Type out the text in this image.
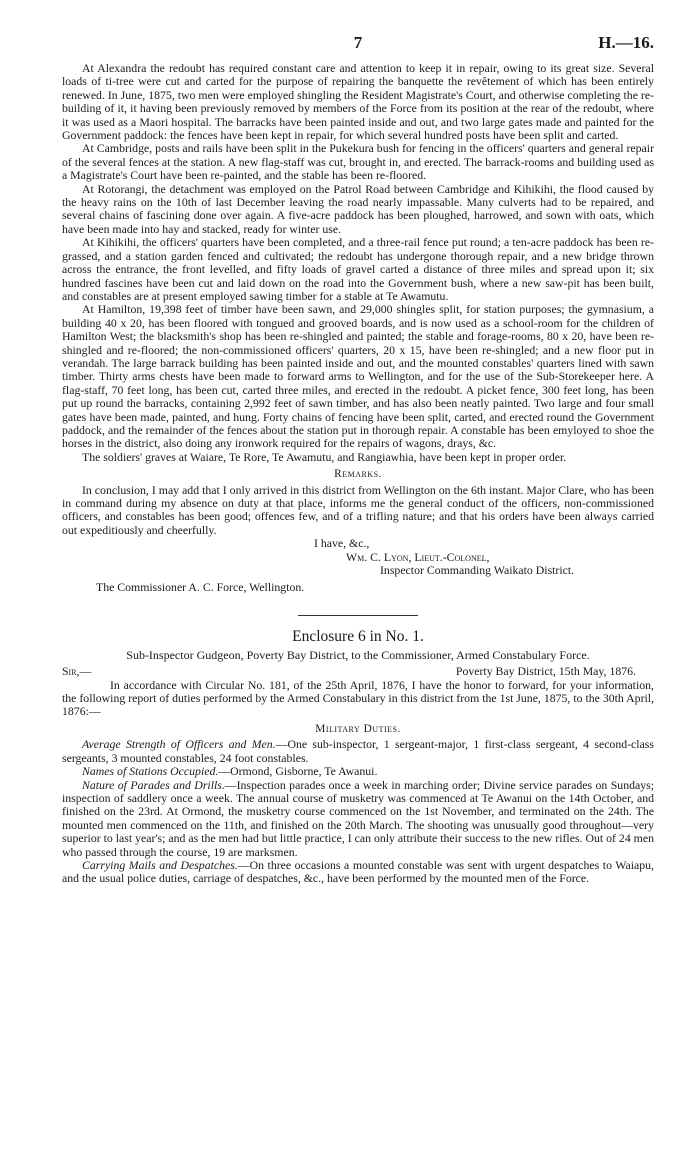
7	H.—16.

At Alexandra the redoubt has required constant care and attention to keep it in repair, owing to its great size. Several loads of ti-tree were cut and carted for the purpose of repairing the banquette the revêtement of which has been entirely renewed. In June, 1875, two men were employed shingling the Resident Magistrate's Court, and otherwise completing the re-building of it, it having been previously removed by members of the Force from its position at the rear of the redoubt, where it was used as a Maori hospital. The barracks have been painted inside and out, and two large gates made and painted for the Government paddock: the fences have been kept in repair, for which several hundred posts have been split and carted.

At Cambridge, posts and rails have been split in the Pukekura bush for fencing in the officers' quarters and general repair of the several fences at the station. A new flag-staff was cut, brought in, and erected. The barrack-rooms and building used as a Magistrate's Court have been re-painted, and the stable has been re-floored.

At Rotorangi, the detachment was employed on the Patrol Road between Cambridge and Kihikihi, the flood caused by the heavy rains on the 10th of last December leaving the road nearly impassable. Many culverts had to be repaired, and several chains of fascining done over again. A five-acre paddock has been ploughed, harrowed, and sown with oats, which have been made into hay and stacked, ready for winter use.

At Kihikihi, the officers' quarters have been completed, and a three-rail fence put round; a ten-acre paddock has been re-grassed, and a station garden fenced and cultivated; the redoubt has undergone thorough repair, and a new bridge thrown across the entrance, the front levelled, and fifty loads of gravel carted a distance of three miles and spread upon it; six hundred fascines have been cut and laid down on the road into the Government bush, where a new saw-pit has been built, and constables are at present employed sawing timber for a stable at Te Awamutu.

At Hamilton, 19,398 feet of timber have been sawn, and 29,000 shingles split, for station purposes; the gymnasium, a building 40 x 20, has been floored with tongued and grooved boards, and is now used as a school-room for the children of Hamilton West; the blacksmith's shop has been re-shingled and painted; the stable and forage-rooms, 80 x 20, have been re-shingled and re-floored; the non-commissioned officers' quarters, 20 x 15, have been re-shingled; and a new floor put in verandah. The large barrack building has been painted inside and out, and the mounted constables' quarters lined with sawn timber. Thirty arms chests have been made to forward arms to Wellington, and for the use of the Sub-Storekeeper here. A flag-staff, 70 feet long, has been cut, carted three miles, and erected in the redoubt. A picket fence, 300 feet long, has been put up round the barracks, containing 2,992 feet of sawn timber, and has also been neatly painted. Two large and four small gates have been made, painted, and hung. Forty chains of fencing have been split, carted, and erected round the Government paddock, and the remainder of the fences about the station put in thorough repair. A constable has been emyloyed to shoe the horses in the district, also doing any ironwork required for the repairs of wagons, drays, &c.

The soldiers' graves at Waiare, Te Rore, Te Awamutu, and Rangiawhia, have been kept in proper order.

Remarks.

In conclusion, I may add that I only arrived in this district from Wellington on the 6th instant. Major Clare, who has been in command during my absence on duty at that place, informs me the general conduct of the officers, non-commissioned officers, and constables has been good; offences few, and of a trifling nature; and that his orders have been always carried out expeditiously and cheerfully.

I have, &c.,
Wm. C. Lyon, Lieut.-Colonel,
Inspector Commanding Waikato District.
The Commissioner A. C. Force, Wellington.
Enclosure 6 in No. 1.
Sub-Inspector Gudgeon, Poverty Bay District, to the Commissioner, Armed Constabulary Force.
Sir,—	Poverty Bay District, 15th May, 1876.

In accordance with Circular No. 181, of the 25th April, 1876, I have the honor to forward, for your information, the following report of duties performed by the Armed Constabulary in this district from the 1st June, 1875, to the 30th April, 1876:—

Military Duties.

Average Strength of Officers and Men.—One sub-inspector, 1 sergeant-major, 1 first-class sergeant, 4 second-class sergeants, 3 mounted constables, 24 foot constables.

Names of Stations Occupied.—Ormond, Gisborne, Te Awanui.

Nature of Parades and Drills.—Inspection parades once a week in marching order; Divine service parades on Sundays; inspection of saddlery once a week. The annual course of musketry was commenced at Te Awanui on the 14th October, and finished on the 23rd. At Ormond, the musketry course commenced on the 1st November, and terminated on the 24th. The mounted men commenced on the 11th, and finished on the 20th March. The shooting was unusually good throughout—very superior to last year's; and as the men had but little practice, I can only attribute their success to the new rifles. Out of 24 men who passed through the course, 19 are marksmen.

Carrying Mails and Despatches.—On three occasions a mounted constable was sent with urgent despatches to Waiapu, and the usual police duties, carriage of despatches, &c., have been performed by the mounted men of the Force.
